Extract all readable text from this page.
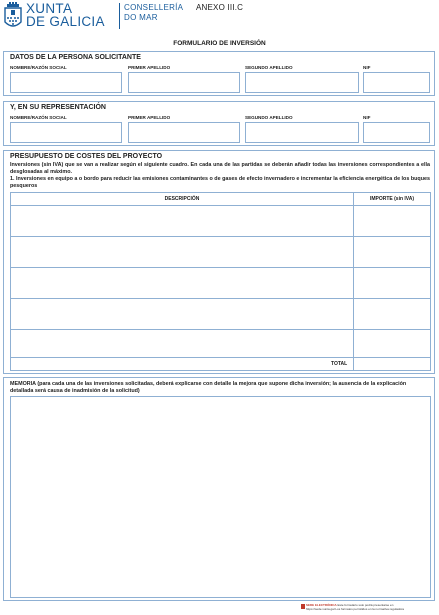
XUNTA
DE GALICIA
CONSELLERÍA
DO MAR
ANEXO III.C
FORMULARIO DE INVERSIÓN
DATOS DE LA PERSONA SOLICITANTE
NOMBRE/RAZÓN SOCIAL	PRIMER APELLIDO	SEGUNDO APELLIDO	NIF
Y, EN SU REPRESENTACIÓN
NOMBRE/RAZÓN SOCIAL	PRIMER APELLIDO	SEGUNDO APELLIDO	NIF
PRESUPUESTO DE COSTES DEL PROYECTO
Inversiones (sin IVA) que se van a realizar según el siguiente cuadro. En cada una de las partidas se deberán añadir todas las inversiones correspondientes a ella desglosadas al máximo.
1. Inversiones en equipo a o bordo para reducir las emisiones contaminantes o de gases de efecto invernadero e incrementar la eficiencia energética de los buques pesqueros
DESCRIPCIÓN	IMPORTE (sin IVA)
TOTAL
MEMORIA (para cada una de las inversiones solicitadas, deberá explicarse con detalle la mejora que supone dicha inversión; la ausencia de la explicación detallada será causa de inadmisión de la solicitud)
SEDE ELECTRÓNICA Este formulario solo podrá presentarse en
https://sede.xunta.gal Los formatos permitidos en la normativa reguladora
